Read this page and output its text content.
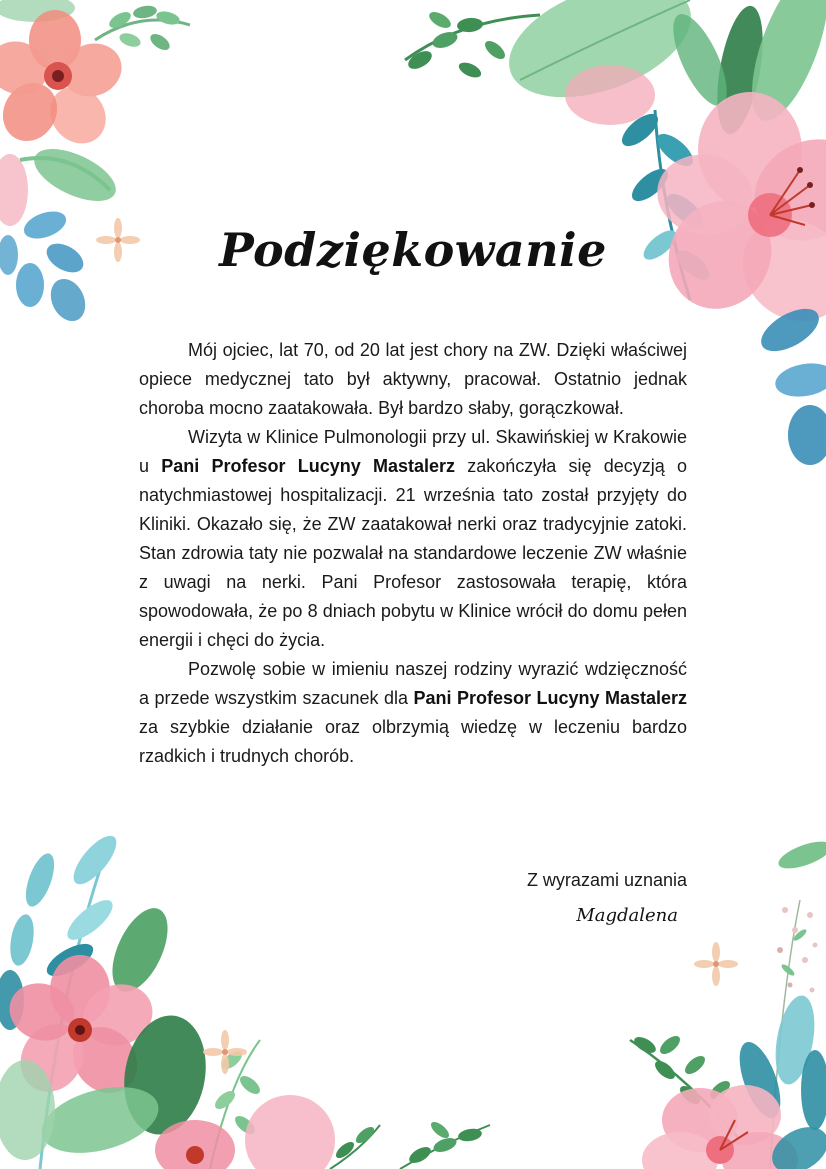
Podziękowanie

Mój ojciec, lat 70, od 20 lat jest chory na ZW. Dzięki właściwej opiece medycznej tato był aktywny, pracował. Ostatnio jednak choroba mocno zaatakowała. Był bardzo słaby, gorączkował.

Wizyta w Klinice Pulmonologii przy ul. Skawińskiej w Krakowie u Pani Profesor Lucyny Mastalerz zakończyła się decyzją o natychmiastowej hospitalizacji. 21 września tato został przyjęty do Kliniki. Okazało się, że ZW zaatakował nerki oraz tradycyjnie zatoki. Stan zdrowia taty nie pozwalał na standardowe leczenie ZW właśnie z uwagi na nerki. Pani Profesor zastosowała terapię, która spowodowała, że po 8 dniach pobytu w Klinice wrócił do domu pełen energii i chęci do życia.

Pozwolę sobie w imieniu naszej rodziny wyrazić wdzięczność a przede wszystkim szacunek dla Pani Profesor Lucyny Mastalerz za szybkie działanie oraz olbrzymią wiedzę w leczeniu bardzo rzadkich i trudnych chorób.

Z wyrazami uznania
Magdalena
